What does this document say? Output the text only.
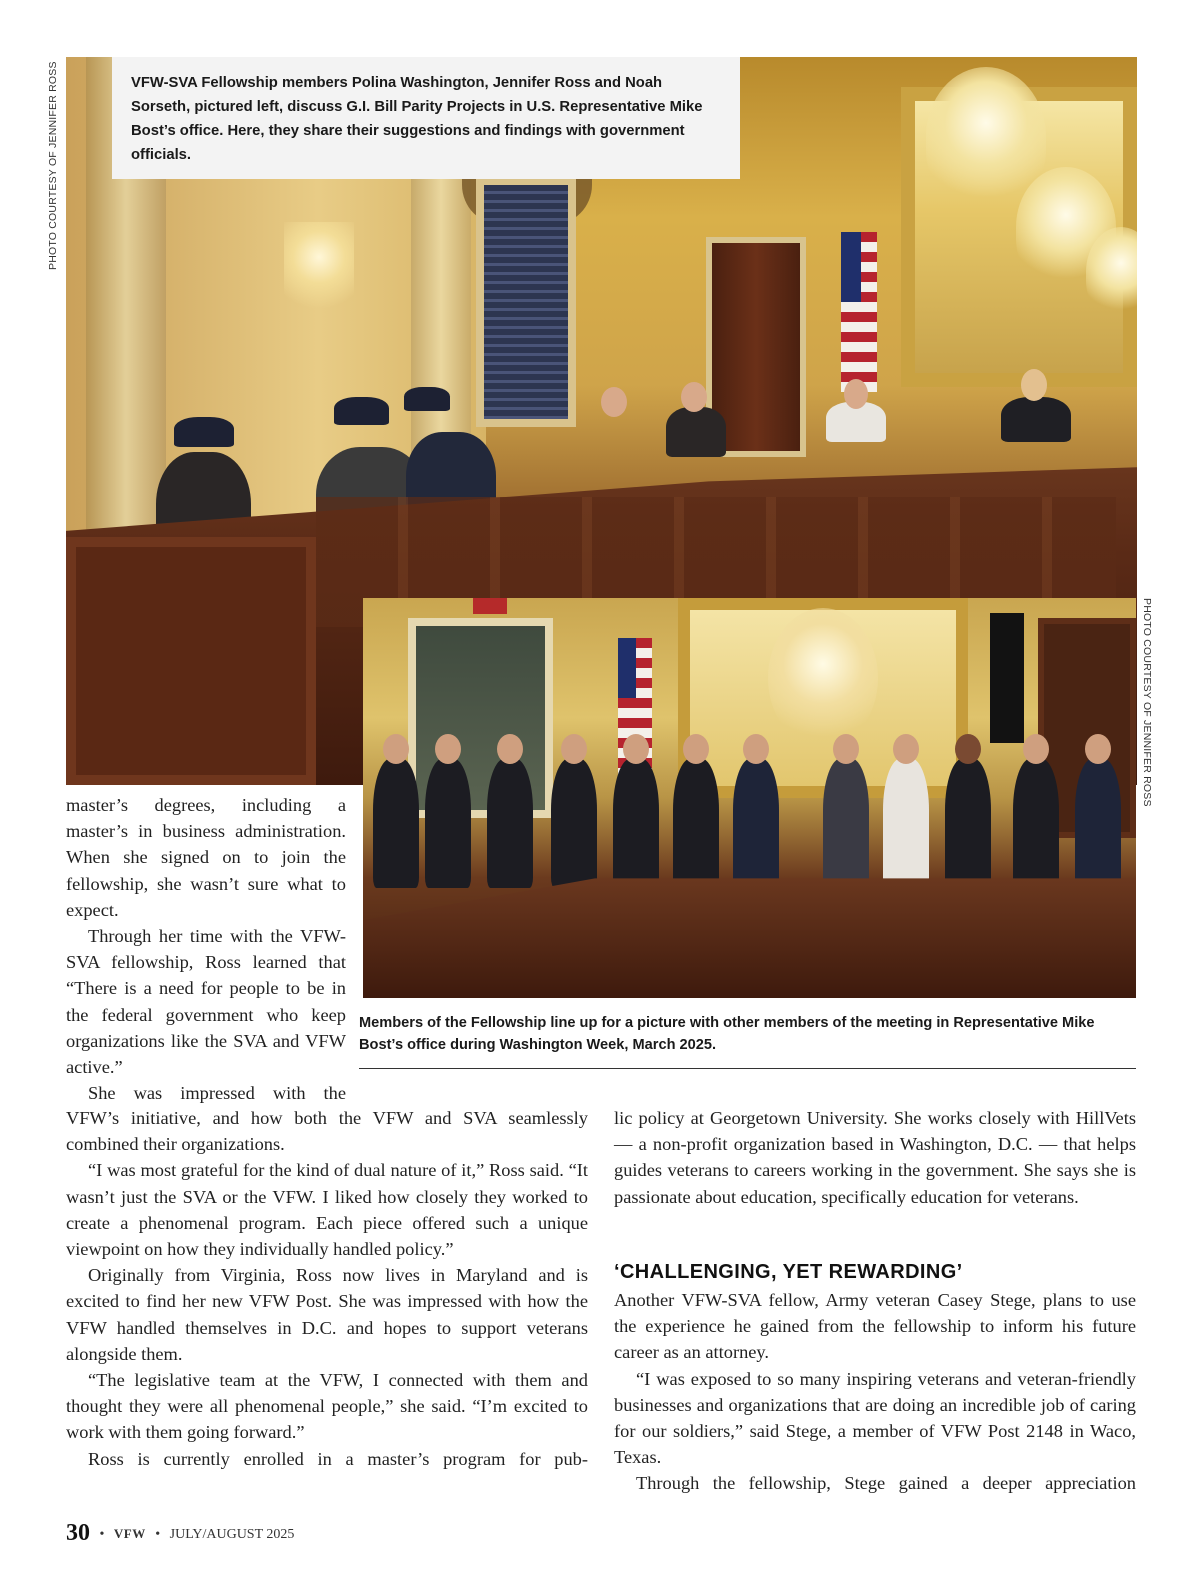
PHOTO COURTESY OF JENNIFER ROSS
PHOTO COURTESY OF JENNIFER ROSS

VFW-SVA Fellowship members Polina Washington, Jennifer Ross and Noah Sorseth, pictured left, discuss G.I. Bill Parity Projects in U.S. Representative Mike Bost’s office. Here, they share their suggestions and findings with government officials.

Members of the Fellowship line up for a picture with other members of the meeting in Representative Mike Bost’s office during Washington Week, March 2025.

master’s degrees, including a master’s in business administration. When she signed on to join the fellowship, she wasn’t sure what to expect.

Through her time with the VFW-SVA fellowship, Ross learned that “There is a need for people to be in the federal government who keep organizations like the SVA and VFW active.”

She was impressed with the

VFW’s initiative, and how both the VFW and SVA seamlessly combined their organizations.

“I was most grateful for the kind of dual nature of it,” Ross said. “It wasn’t just the SVA or the VFW. I liked how closely they worked to create a phenomenal program. Each piece offered such a unique viewpoint on how they individually handled policy.”

Originally from Virginia, Ross now lives in Maryland and is excited to find her new VFW Post. She was impressed with how the VFW handled themselves in D.C. and hopes to support veterans alongside them.

“The legislative team at the VFW, I connected with them and thought they were all phenomenal people,” she said. “I’m excited to work with them going forward.”

Ross is currently enrolled in a master’s program for pub-

lic policy at Georgetown University. She works closely with HillVets — a non-profit organization based in Washington, D.C. — that helps guides veterans to careers working in the government. She says she is passionate about education, specifically education for veterans.

‘CHALLENGING, YET REWARDING’

Another VFW-SVA fellow, Army veteran Casey Stege, plans to use the experience he gained from the fellowship to inform his future career as an attorney.

“I was exposed to so many inspiring veterans and veteran-friendly businesses and organizations that are doing an incredible job of caring for our soldiers,” said Stege, a member of VFW Post 2148 in Waco, Texas.

Through the fellowship, Stege gained a deeper appreciation

30 • VFW • JULY/AUGUST 2025
